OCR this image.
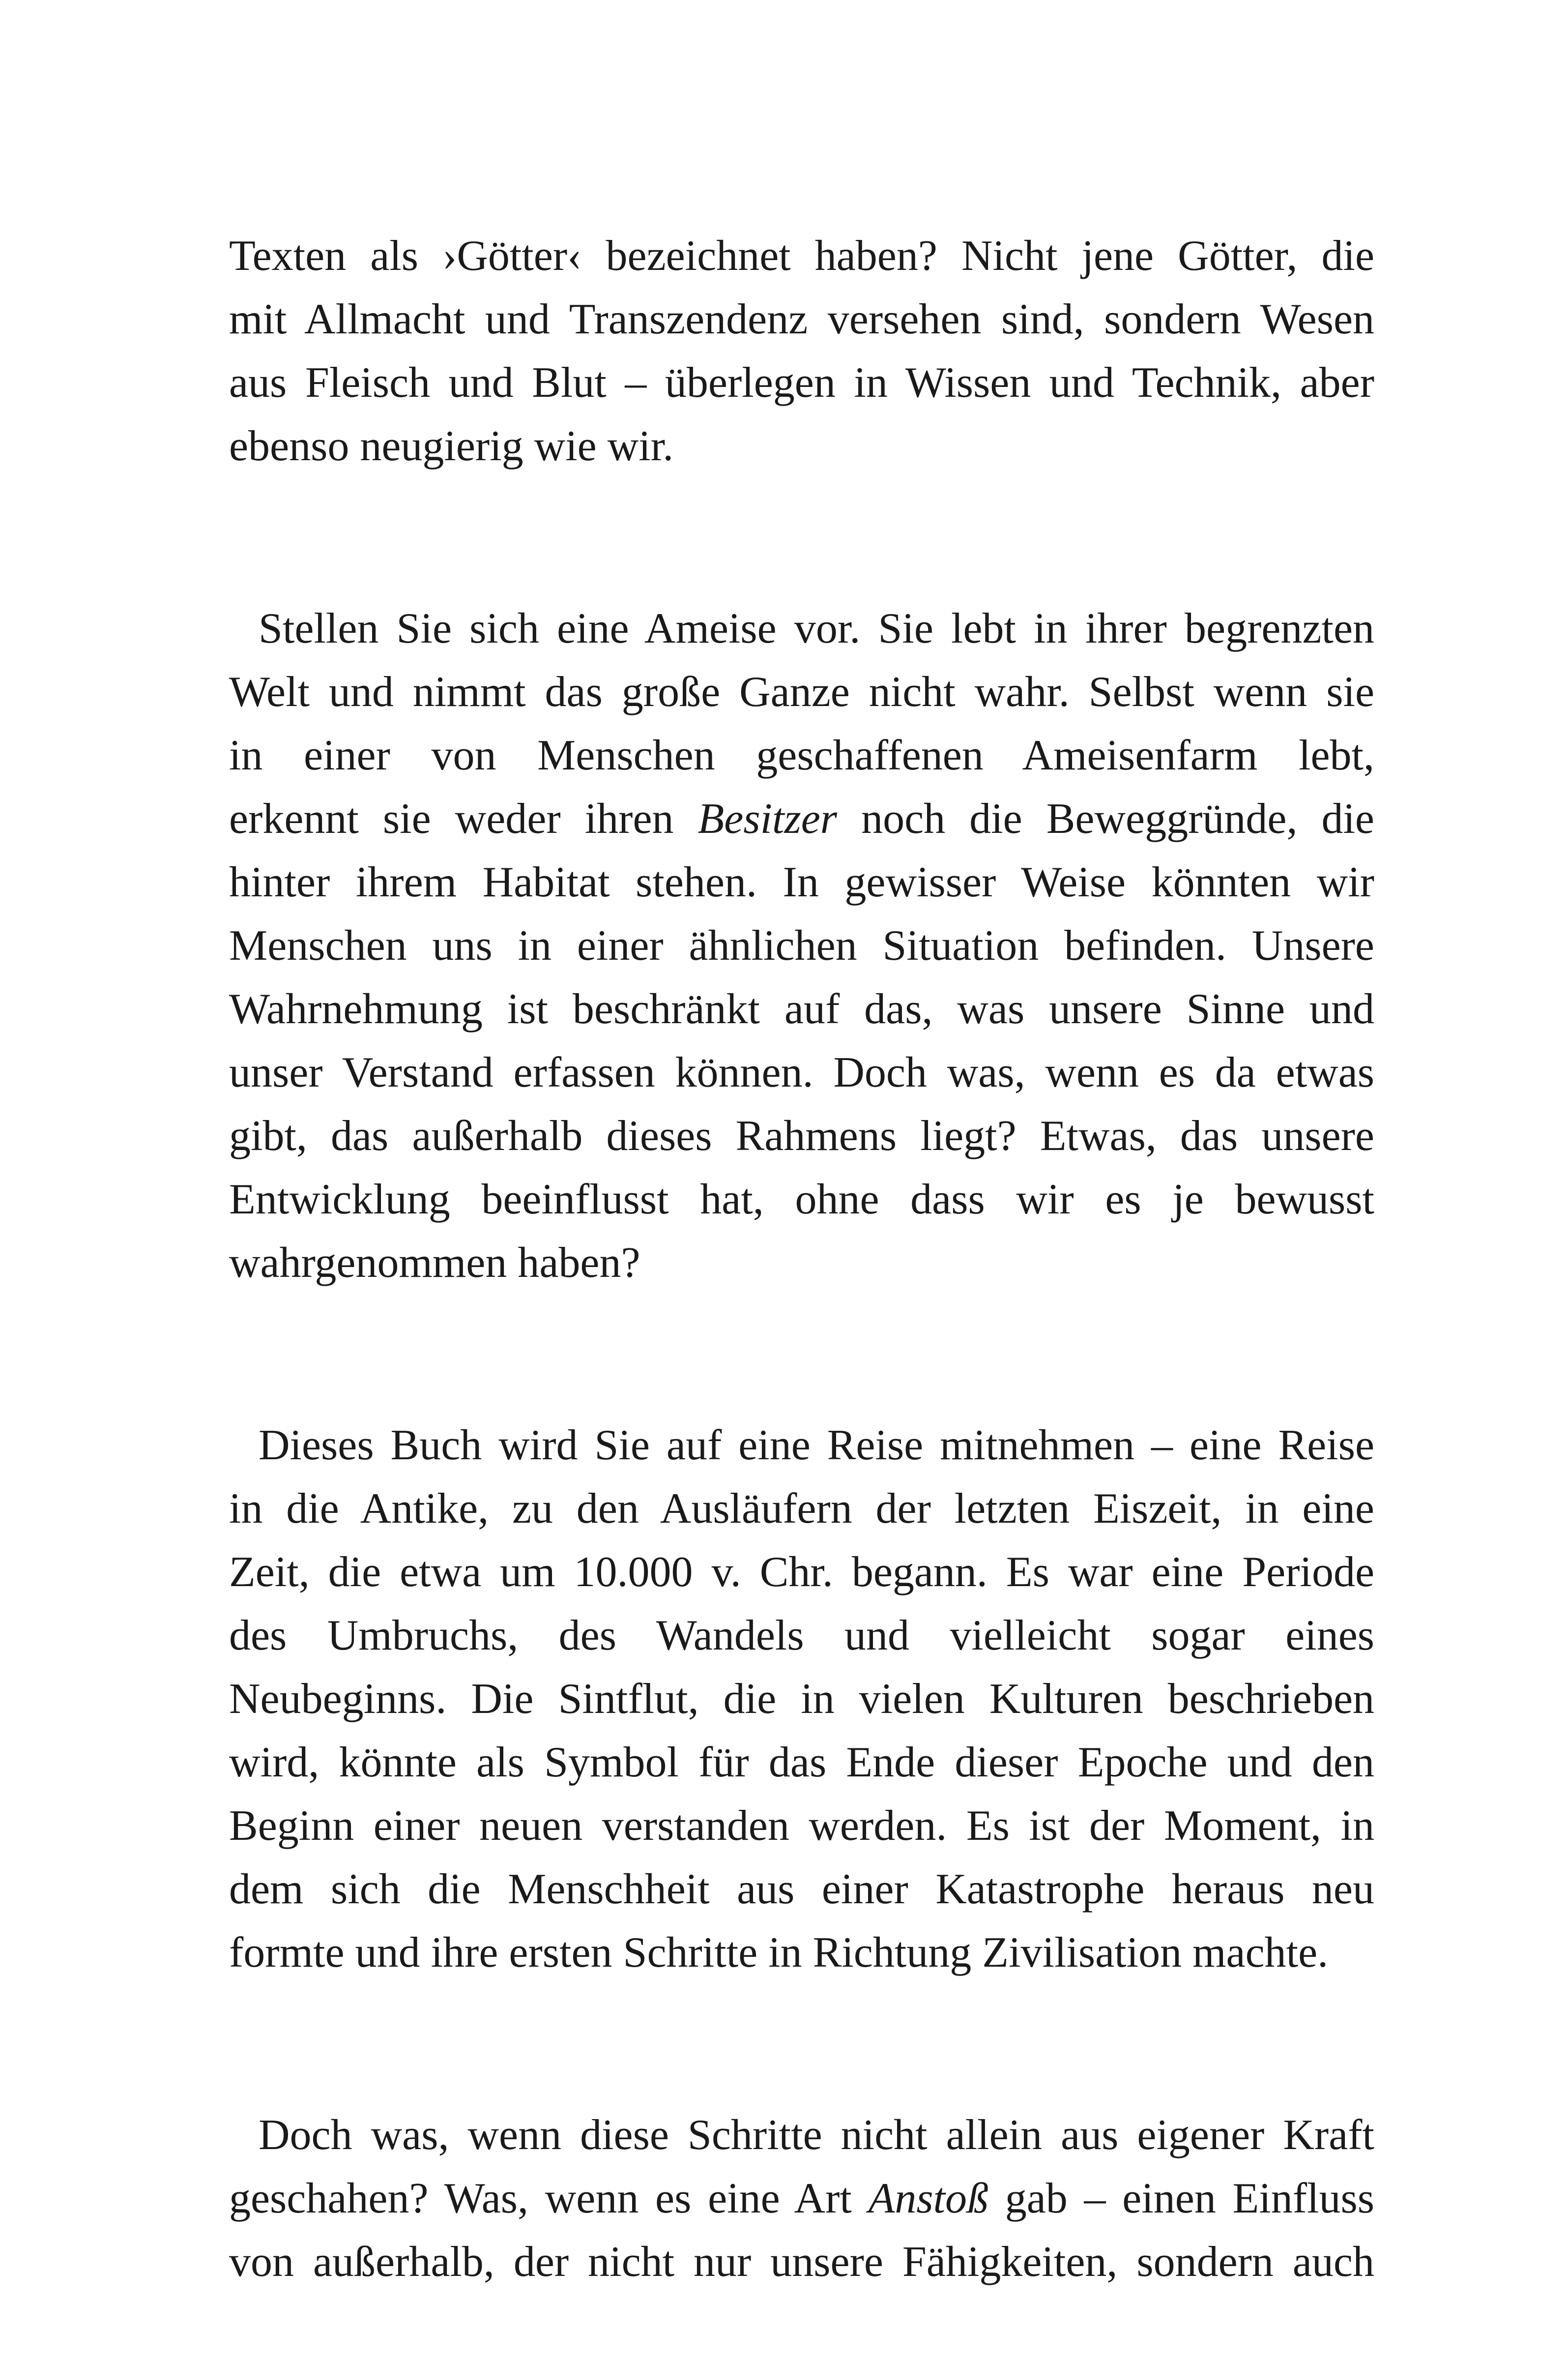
Texten als ›Götter‹ bezeichnet haben? Nicht jene Götter, die
mit Allmacht und Transzendenz versehen sind, sondern Wesen
aus Fleisch und Blut – überlegen in Wissen und Technik, aber
ebenso neugierig wie wir.
Stellen Sie sich eine Ameise vor. Sie lebt in ihrer begrenzten
Welt und nimmt das große Ganze nicht wahr. Selbst wenn sie
in einer von Menschen geschaffenen Ameisenfarm lebt,
erkennt sie weder ihren Besitzer noch die Beweggründe, die
hinter ihrem Habitat stehen. In gewisser Weise könnten wir
Menschen uns in einer ähnlichen Situation befinden. Unsere
Wahrnehmung ist beschränkt auf das, was unsere Sinne und
unser Verstand erfassen können. Doch was, wenn es da etwas
gibt, das außerhalb dieses Rahmens liegt? Etwas, das unsere
Entwicklung beeinflusst hat, ohne dass wir es je bewusst
wahrgenommen haben?
Dieses Buch wird Sie auf eine Reise mitnehmen – eine Reise
in die Antike, zu den Ausläufern der letzten Eiszeit, in eine
Zeit, die etwa um 10.000 v. Chr. begann. Es war eine Periode
des Umbruchs, des Wandels und vielleicht sogar eines
Neubeginns. Die Sintflut, die in vielen Kulturen beschrieben
wird, könnte als Symbol für das Ende dieser Epoche und den
Beginn einer neuen verstanden werden. Es ist der Moment, in
dem sich die Menschheit aus einer Katastrophe heraus neu
formte und ihre ersten Schritte in Richtung Zivilisation machte.
Doch was, wenn diese Schritte nicht allein aus eigener Kraft
geschahen? Was, wenn es eine Art Anstoß gab – einen Einfluss
von außerhalb, der nicht nur unsere Fähigkeiten, sondern auch
